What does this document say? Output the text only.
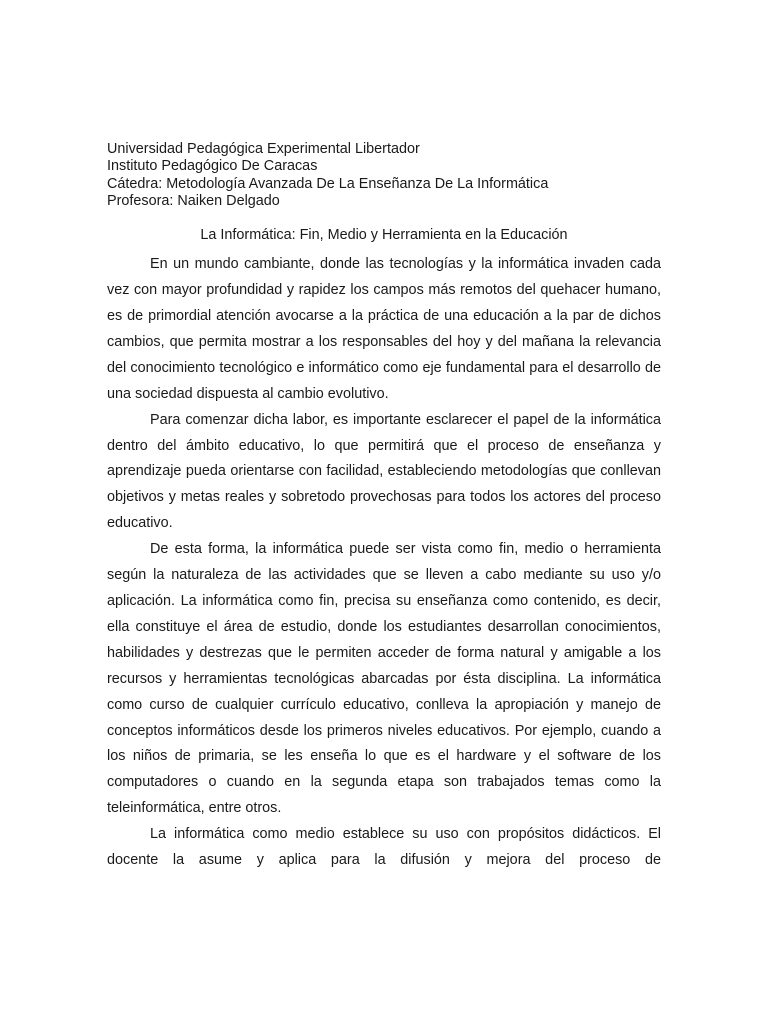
Universidad Pedagógica Experimental Libertador
Instituto Pedagógico De Caracas
Cátedra: Metodología Avanzada De La Enseñanza De La Informática
Profesora: Naiken Delgado
La Informática: Fin, Medio y Herramienta en la Educación

En un mundo cambiante, donde las tecnologías y la informática invaden cada vez con mayor profundidad y rapidez los campos más remotos del quehacer humano, es de primordial atención avocarse a la práctica de una educación a la par de dichos cambios, que permita mostrar a los responsables del hoy y del mañana la relevancia del conocimiento tecnológico e informático como eje fundamental para el desarrollo de una sociedad dispuesta al cambio evolutivo.

Para comenzar dicha labor, es importante esclarecer el papel de la informática dentro del ámbito educativo, lo que permitirá que el proceso de enseñanza y aprendizaje pueda orientarse con facilidad, estableciendo metodologías que conllevan objetivos y metas reales y sobretodo provechosas para todos los actores del proceso educativo.

De esta forma, la informática puede ser vista como fin, medio o herramienta según la naturaleza de las actividades que se lleven a cabo mediante su uso y/o aplicación. La informática como fin, precisa su enseñanza como contenido, es decir, ella constituye el área de estudio, donde los estudiantes desarrollan conocimientos, habilidades y destrezas que le permiten acceder de forma natural y amigable a los recursos y herramientas tecnológicas abarcadas por ésta disciplina. La informática como curso de cualquier currículo educativo, conlleva la apropiación y manejo de conceptos informáticos desde los primeros niveles educativos. Por ejemplo, cuando a los niños de primaria, se les enseña lo que es el hardware y el software de los computadores o cuando en la segunda etapa son trabajados temas como la teleinformática, entre otros.

La informática como medio establece su uso con propósitos didácticos. El docente la asume y aplica para la difusión y mejora del proceso de
